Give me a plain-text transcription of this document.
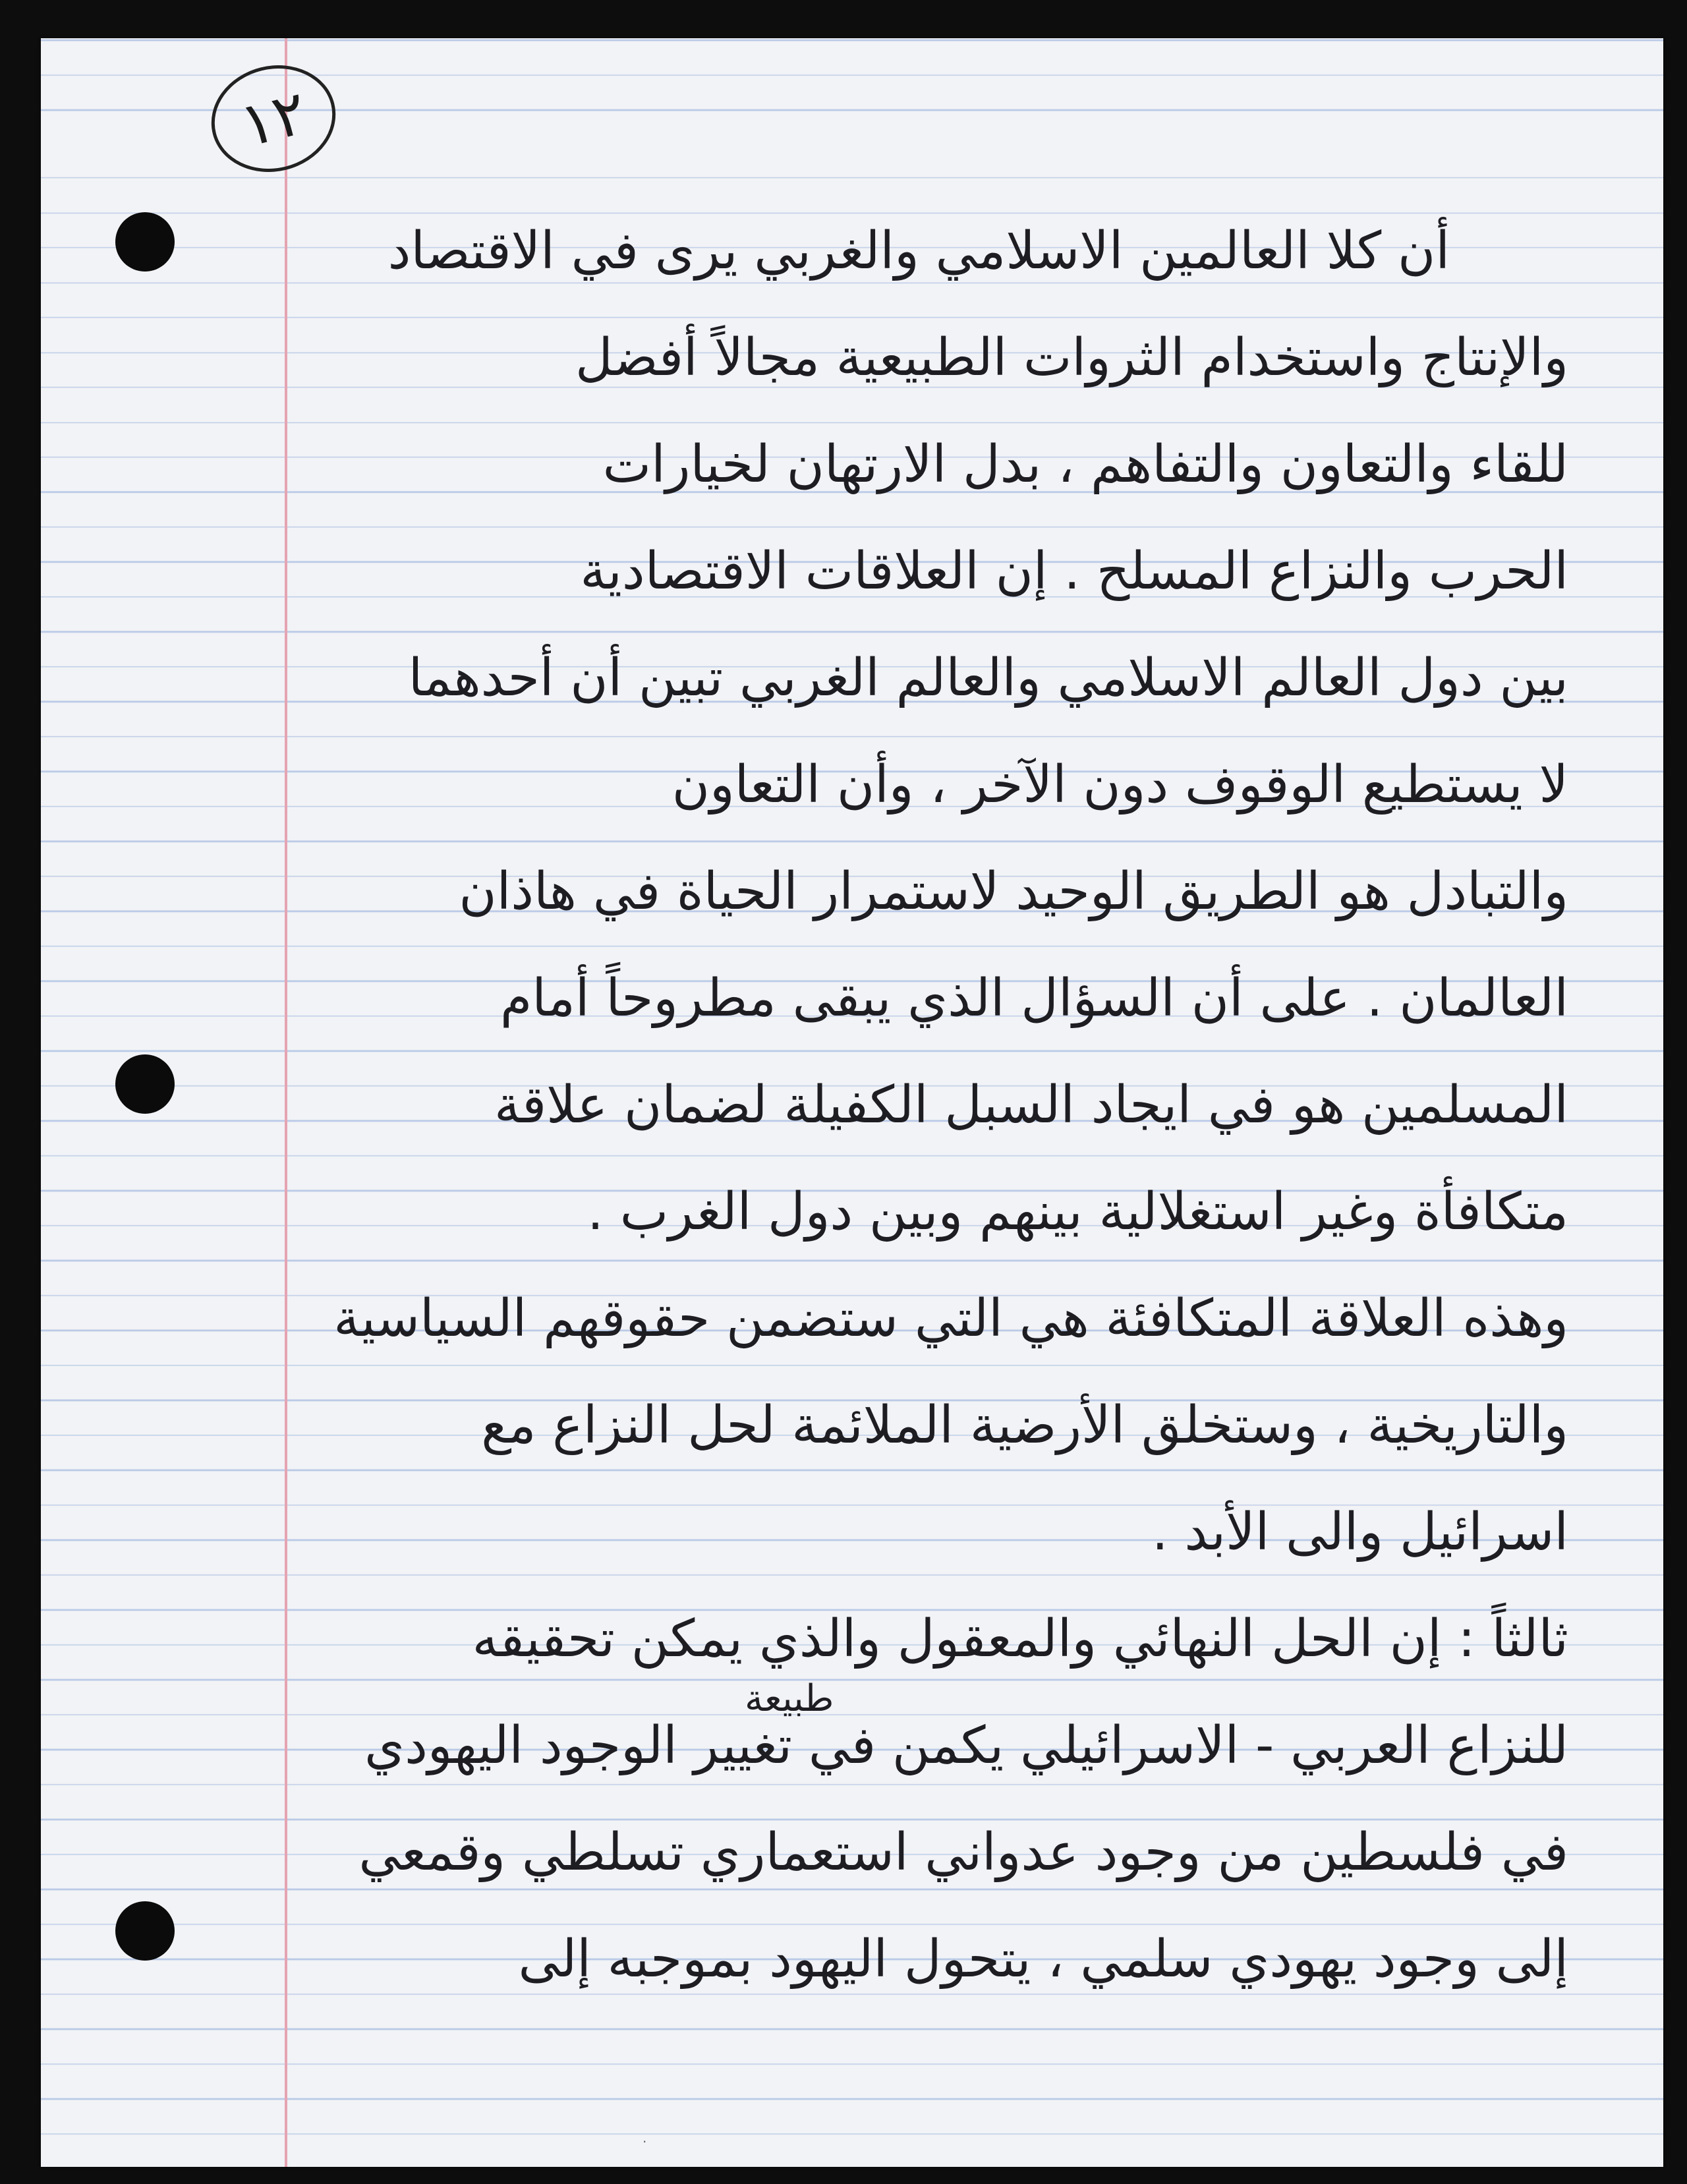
١٢
أن كلا العالمين الاسلامي والغربي يرى في الاقتصاد
والإنتاج واستخدام الثروات الطبيعية مجالاً أفضل
للقاء والتعاون والتفاهم ، بدل الارتهان لخيارات
الحرب والنزاع المسلح . إن العلاقات الاقتصادية
بين دول العالم الاسلامي والعالم الغربي تبين أن أحدهما
لا يستطيع الوقوف دون الآخر ، وأن التعاون
والتبادل هو الطريق الوحيد لاستمرار الحياة في هاذان
العالمان . على أن السؤال الذي يبقى مطروحاً أمام
المسلمين هو في ايجاد السبل الكفيلة لضمان علاقة
متكافأة وغير استغلالية بينهم وبين دول الغرب .
وهذه العلاقة المتكافئة هي التي ستضمن حقوقهم السياسية
والتاريخية ، وستخلق الأرضية الملائمة لحل النزاع مع
اسرائيل والى الأبد .
ثالثاً : إن الحل النهائي والمعقول والذي يمكن تحقيقه
للنزاع العربي - الاسرائيلي يكمن في تغيير الوجود اليهودي
في فلسطين من وجود عدواني استعماري تسلطي وقمعي
إلى وجود يهودي سلمي ، يتحول اليهود بموجبه إلى
طبيعة
·
